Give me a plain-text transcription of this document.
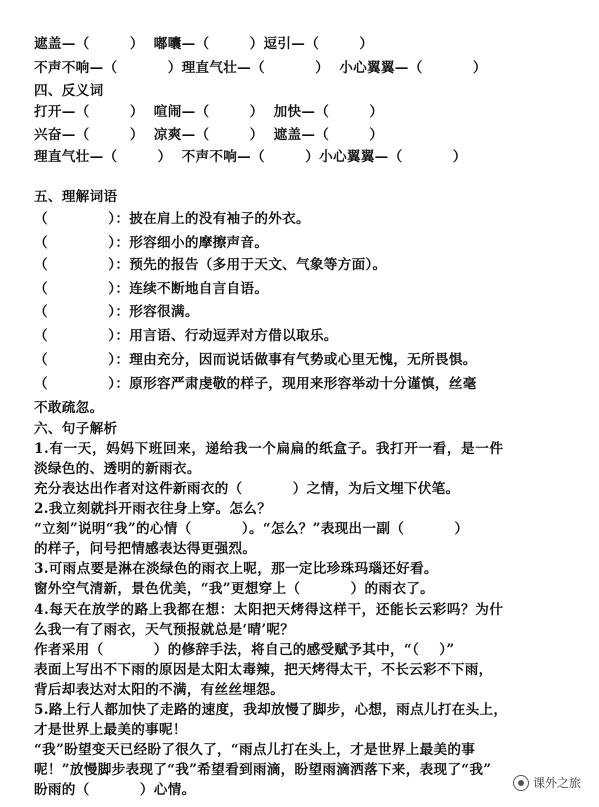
遮盖—（        ）  嘟囔—（        ）逗引—（        ）
不声不响—（          ）理直气壮—（          ）  小心翼翼—（          ）
四、反义词
打开—（        ）  喧闹—（        ）  加快—（        ）
兴奋—（        ）  凉爽—（        ）  遮盖—（        ）
理直气壮—（        ）  不声不响—（        ）小心翼翼—（          ）
五、理解词语
（            ）：披在肩上的没有袖子的外衣。
（            ）：形容细小的摩擦声音。
（            ）：预先的报告（多用于天文、气象等方面）。
（            ）：连续不断地自言自语。
（            ）：形容很满。
（            ）：用言语、行动逗弄对方借以取乐。
（            ）：理由充分，因而说话做事有气势或心里无愧，无所畏惧。
（            ）：原形容严肃虔敬的样子，现用来形容举动十分谨慎，丝毫
不敢疏忽。
六、句子解析
1.有一天，妈妈下班回来，递给我一个扁扁的纸盒子。我打开一看，是一件
淡绿色的、透明的新雨衣。
充分表达出作者对这件新雨衣的（          ）之情，为后文埋下伏笔。
2.我立刻就抖开雨衣往身上穿。怎么？
“立刻”说明“我”的心情（          ）。“怎么？”表现出一副（          ）
的样子，问号把情感表达得更强烈。
3.可雨点要是淋在淡绿色的雨衣上呢，那一定比珍珠玛瑙还好看。
窗外空气清新，景色优美，“我”更想穿上（          ）的雨衣了。
4.每天在放学的路上我都在想：太阳把天烤得这样干，还能长云彩吗？为什
么我一有了雨衣，天气预报就总是‘晴’呢？
作者采用（          ）的修辞手法，将自己的感受赋予其中，“（    ）”
表面上写出不下雨的原因是太阳太毒辣，把天烤得太干，不长云彩不下雨，
背后却表达对太阳的不满，有丝丝埋怨。
5.路上行人都加快了走路的速度，我却放慢了脚步，心想，雨点儿打在头上，
才是世界上最美的事呢！
“我”盼望变天已经盼了很久了，“雨点儿打在头上，才是世界上最美的事
呢！”放慢脚步表现了“我”希望看到雨滴，盼望雨滴洒落下来，表现了“我”
盼雨的（          ）心情。	课外之旅
